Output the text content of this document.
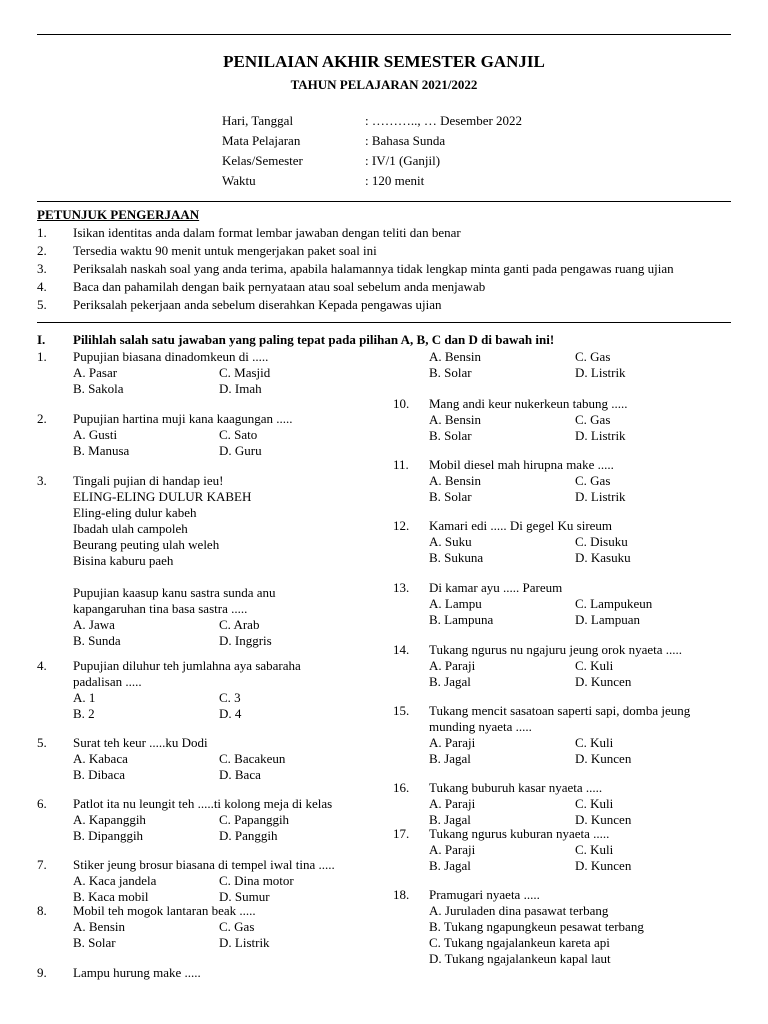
PENILAIAN AKHIR SEMESTER GANJIL
TAHUN PELAJARAN 2021/2022
Hari, Tanggal	: ……….., … Desember 2022
Mata Pelajaran	: Bahasa Sunda
Kelas/Semester	: IV/1 (Ganjil)
Waktu	: 120 menit
PETUNJUK PENGERJAAN
1.	Isikan identitas anda dalam format lembar jawaban dengan teliti dan benar
2.	Tersedia waktu 90 menit untuk mengerjakan paket soal ini
3.	Periksalah naskah soal yang anda terima, apabila halamannya tidak lengkap minta ganti pada pengawas ruang ujian
4.	Baca dan pahamilah dengan baik pernyataan atau soal sebelum anda menjawab
5.	Periksalah pekerjaan anda sebelum diserahkan Kepada pengawas ujian
I.	Pilihlah salah satu jawaban yang paling tepat pada pilihan A, B, C dan D di bawah ini!
1.	Pupujian biasana dinadomkeun di .....
A. Pasar	C. Masjid
B. Sakola	D. Imah
2.	Pupujian hartina muji kana kaagungan .....
A. Gusti	C. Sato
B. Manusa	D. Guru
3.	Tingali pujian di handap ieu!
ELING-ELING DULUR KABEH
Eling-eling dulur kabeh
Ibadah ulah campoleh
Beurang peuting ulah weleh
Bisina kaburu paeh
Pupujian kaasup kanu sastra sunda anu
kapangaruhan tina basa sastra .....
A. Jawa	C. Arab
B. Sunda	D. Inggris
4.	Pupujian diluhur teh jumlahna aya sabaraha
padalisan .....
A. 1	C. 3
B. 2	D. 4
5.	Surat teh keur .....ku Dodi
A. Kabaca	C. Bacakeun
B. Dibaca	D. Baca
6.	Patlot ita nu leungit teh .....ti kolong meja di kelas
A. Kapanggih	C. Papanggih
B. Dipanggih	D. Panggih
7.	Stiker jeung brosur biasana di tempel iwal tina .....
A. Kaca jandela	C. Dina motor
B. Kaca mobil	D. Sumur
8.	Mobil teh mogok lantaran beak .....
A. Bensin	C. Gas
B. Solar	D. Listrik
9.	Lampu hurung make .....
A. Bensin	C. Gas
B. Solar	D. Listrik
10.	Mang andi keur nukerkeun tabung .....
A. Bensin	C. Gas
B. Solar	D. Listrik
11.	Mobil diesel mah hirupna make .....
A. Bensin	C. Gas
B. Solar	D. Listrik
12.	Kamari edi ..... Di gegel Ku sireum
A. Suku	C. Disuku
B. Sukuna	D. Kasuku
13.	Di kamar ayu ..... Pareum
A. Lampu	C. Lampukeun
B. Lampuna	D. Lampuan
14.	Tukang ngurus nu ngajuru jeung orok nyaeta .....
A. Paraji	C. Kuli
B. Jagal	D. Kuncen
15.	Tukang mencit sasatoan saperti sapi, domba jeung
munding nyaeta .....
A. Paraji	C. Kuli
B. Jagal	D. Kuncen
16.	Tukang buburuh kasar nyaeta .....
A. Paraji	C. Kuli
B. Jagal	D. Kuncen
17.	Tukang ngurus kuburan nyaeta .....
A. Paraji	C. Kuli
B. Jagal	D. Kuncen
18.	Pramugari nyaeta .....
A. Juruladen dina pasawat terbang
B. Tukang ngapungkeun pesawat terbang
C. Tukang ngajalankeun kareta api
D. Tukang ngajalankeun kapal laut
